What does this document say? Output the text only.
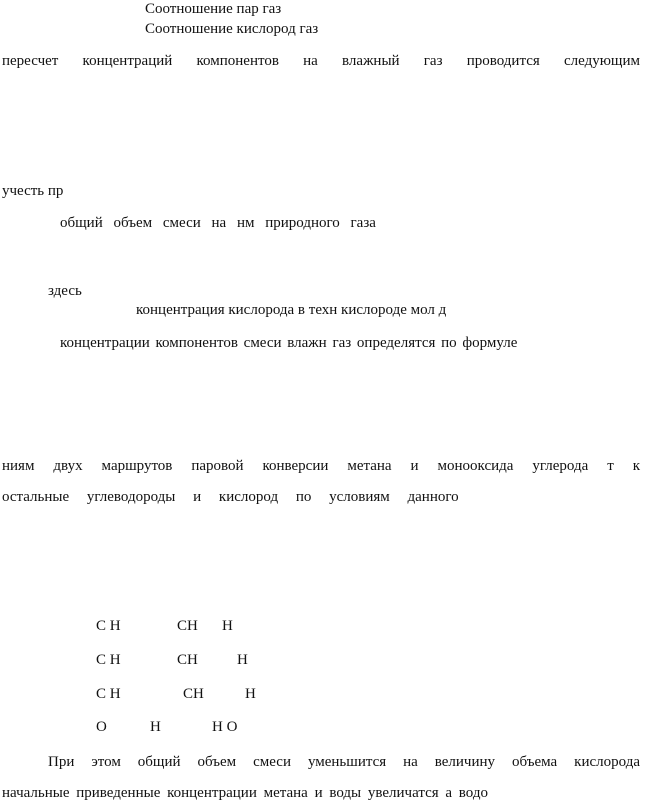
Соотношение пар газ
Соотношение кислород газ
пересчет концентраций компонентов на влажный газ проводится следующим
учесть пр
общий объем смеси на нм природного газа
здесь
концентрация кислорода в техн кислороде мол д
концентрации компонентов смеси влажн газ определятся по формуле
ниям двух маршрутов паровой конверсии метана и монооксида углерода т к
остальные углеводороды и кислород по условиям данного
C H	CH H
C H	CH	H
C H	CH	H
O	H	H O
При этом общий объем смеси уменьшится на величину объема кислорода
начальные приведенные концентрации метана и воды увеличатся а водо
